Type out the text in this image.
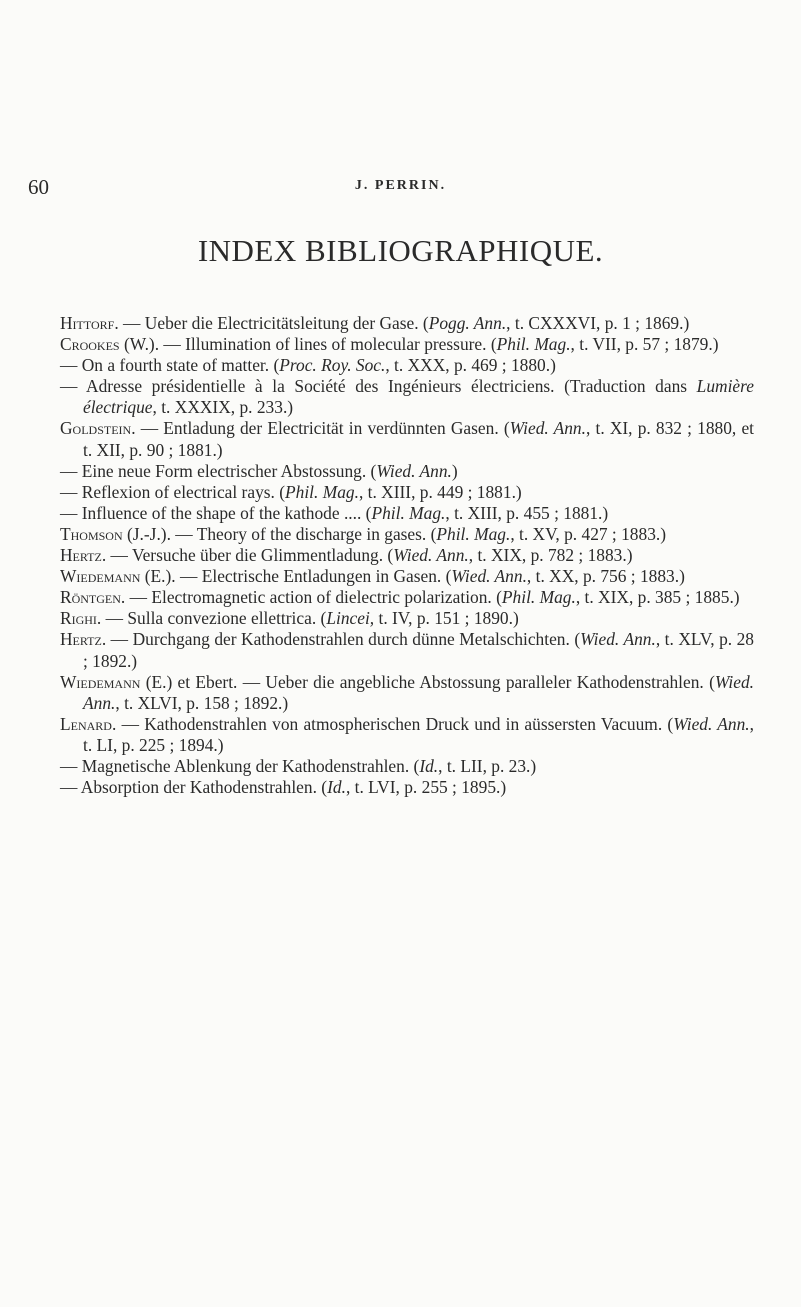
60	J. PERRIN.
INDEX BIBLIOGRAPHIQUE.
Hittorf. — Ueber die Electricitätsleitung der Gase. (Pogg. Ann., t. CXXXVI, p. 1 ; 1869.)
Crookes (W.). — Illumination of lines of molecular pressure. (Phil. Mag., t. VII, p. 57 ; 1879.)
— On a fourth state of matter. (Proc. Roy. Soc., t. XXX, p. 469 ; 1880.)
— Adresse présidentielle à la Société des Ingénieurs électriciens. (Traduction dans Lumière électrique, t. XXXIX, p. 233.)
Goldstein. — Entladung der Electricität in verdünnten Gasen. (Wied. Ann., t. XI, p. 832 ; 1880, et t. XII, p. 90 ; 1881.)
— Eine neue Form electrischer Abstossung. (Wied. Ann.)
— Reflexion of electrical rays. (Phil. Mag., t. XIII, p. 449 ; 1881.)
— Influence of the shape of the kathode .... (Phil. Mag., t. XIII, p. 455 ; 1881.)
Thomson (J.-J.). — Theory of the discharge in gases. (Phil. Mag., t. XV, p. 427 ; 1883.)
Hertz. — Versuche über die Glimmentladung. (Wied. Ann., t. XIX, p. 782 ; 1883.)
Wiedemann (E.). — Electrische Entladungen in Gasen. (Wied. Ann., t. XX, p. 756 ; 1883.)
Röntgen. — Electromagnetic action of dielectric polarization. (Phil. Mag., t. XIX, p. 385 ; 1885.)
Righi. — Sulla convezione ellettrica. (Lincei, t. IV, p. 151 ; 1890.)
Hertz. — Durchgang der Kathodenstrahlen durch dünne Metalschichten. (Wied. Ann., t. XLV, p. 28 ; 1892.)
Wiedemann (E.) et Ebert. — Ueber die angebliche Abstossung paralleler Kathodenstrahlen. (Wied. Ann., t. XLVI, p. 158 ; 1892.)
Lenard. — Kathodenstrahlen von atmospherischen Druck und in aüssersten Vacuum. (Wied. Ann., t. LI, p. 225 ; 1894.)
— Magnetische Ablenkung der Kathodenstrahlen. (Id., t. LII, p. 23.)
— Absorption der Kathodenstrahlen. (Id., t. LVI, p. 255 ; 1895.)
